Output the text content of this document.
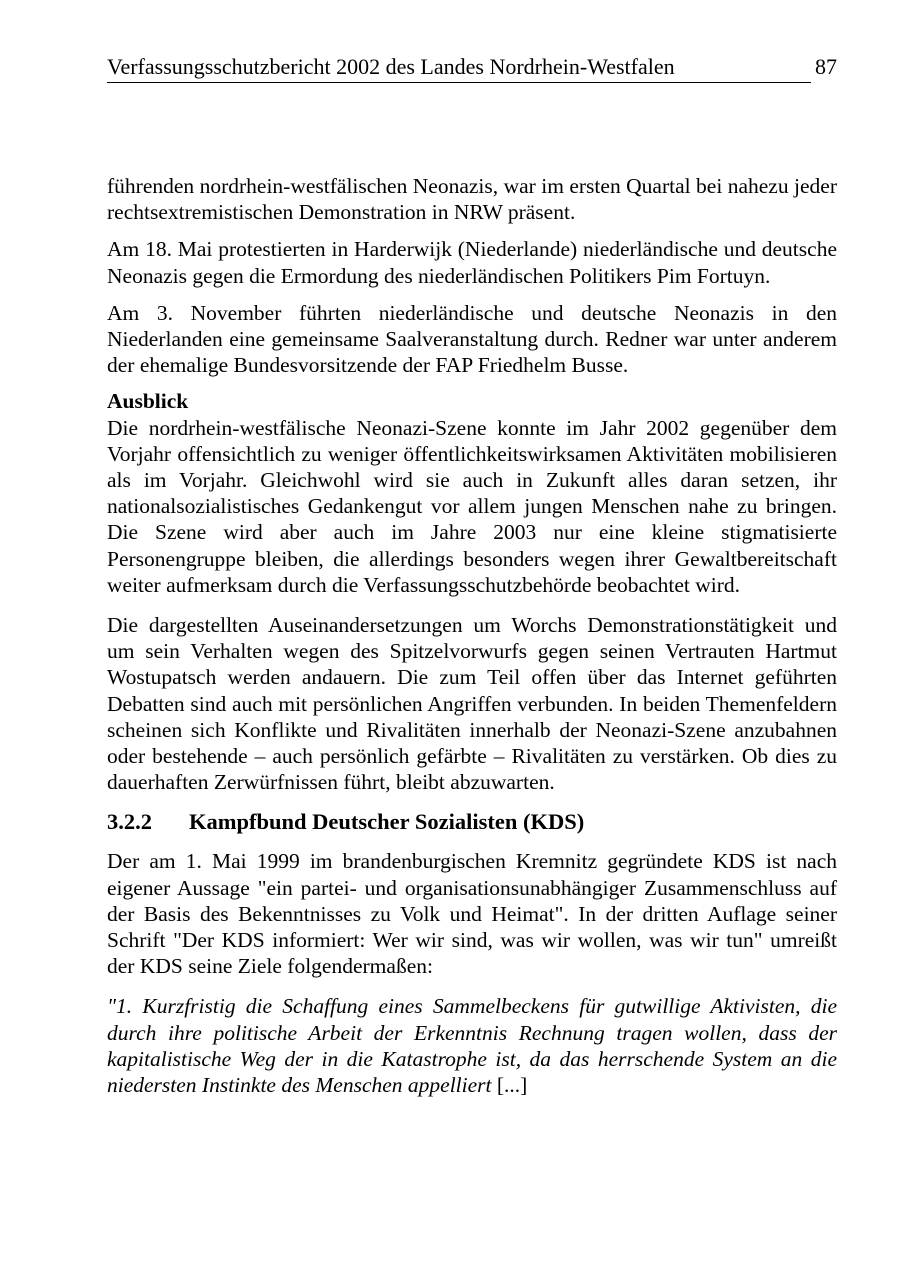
Verfassungsschutzbericht 2002 des Landes Nordrhein-Westfalen	87

führenden nordrhein-westfälischen Neonazis, war im ersten Quartal bei nahezu jeder rechtsextremistischen Demonstration in NRW präsent.

Am 18. Mai protestierten in Harderwijk (Niederlande) niederländische und deutsche Neonazis gegen die Ermordung des niederländischen Politikers Pim Fortuyn.

Am 3. November führten niederländische und deutsche Neonazis in den Niederlanden eine gemeinsame Saalveranstaltung durch. Redner war unter anderem der ehemalige Bundesvorsitzende der FAP Friedhelm Busse.

Ausblick

Die nordrhein-westfälische Neonazi-Szene konnte im Jahr 2002 gegenüber dem Vorjahr offensichtlich zu weniger öffentlichkeitswirksamen Aktivitäten mobilisieren als im Vorjahr. Gleichwohl wird sie auch in Zukunft alles daran setzen, ihr nationalsozialistisches Gedankengut vor allem jungen Menschen nahe zu bringen. Die Szene wird aber auch im Jahre 2003 nur eine kleine stigmatisierte Personengruppe bleiben, die allerdings besonders wegen ihrer Gewaltbereitschaft weiter aufmerksam durch die Verfassungsschutzbehörde beobachtet wird.

Die dargestellten Auseinandersetzungen um Worchs Demonstrationstätigkeit und um sein Verhalten wegen des Spitzelvorwurfs gegen seinen Vertrauten Hartmut Wostupatsch werden andauern. Die zum Teil offen über das Internet geführten Debatten sind auch mit persönlichen Angriffen verbunden. In beiden Themenfeldern scheinen sich Konflikte und Rivalitäten innerhalb der Neonazi-Szene anzubahnen oder bestehende – auch persönlich gefärbte – Rivalitäten zu verstärken. Ob dies zu dauerhaften Zerwürfnissen führt, bleibt abzuwarten.

3.2.2	Kampfbund Deutscher Sozialisten (KDS)

Der am 1. Mai 1999 im brandenburgischen Kremnitz gegründete KDS ist nach eigener Aussage "ein partei- und organisationsunabhängiger Zusammenschluss auf der Basis des Bekenntnisses zu Volk und Heimat". In der dritten Auflage seiner Schrift "Der KDS informiert: Wer wir sind, was wir wollen, was wir tun" umreißt der KDS seine Ziele folgendermaßen:

"1. Kurzfristig die Schaffung eines Sammelbeckens für gutwillige Aktivisten, die durch ihre politische Arbeit der Erkenntnis Rechnung tragen wollen, dass der kapitalistische Weg der in die Katastrophe ist, da das herrschende System an die niedersten Instinkte des Menschen appelliert [...]
